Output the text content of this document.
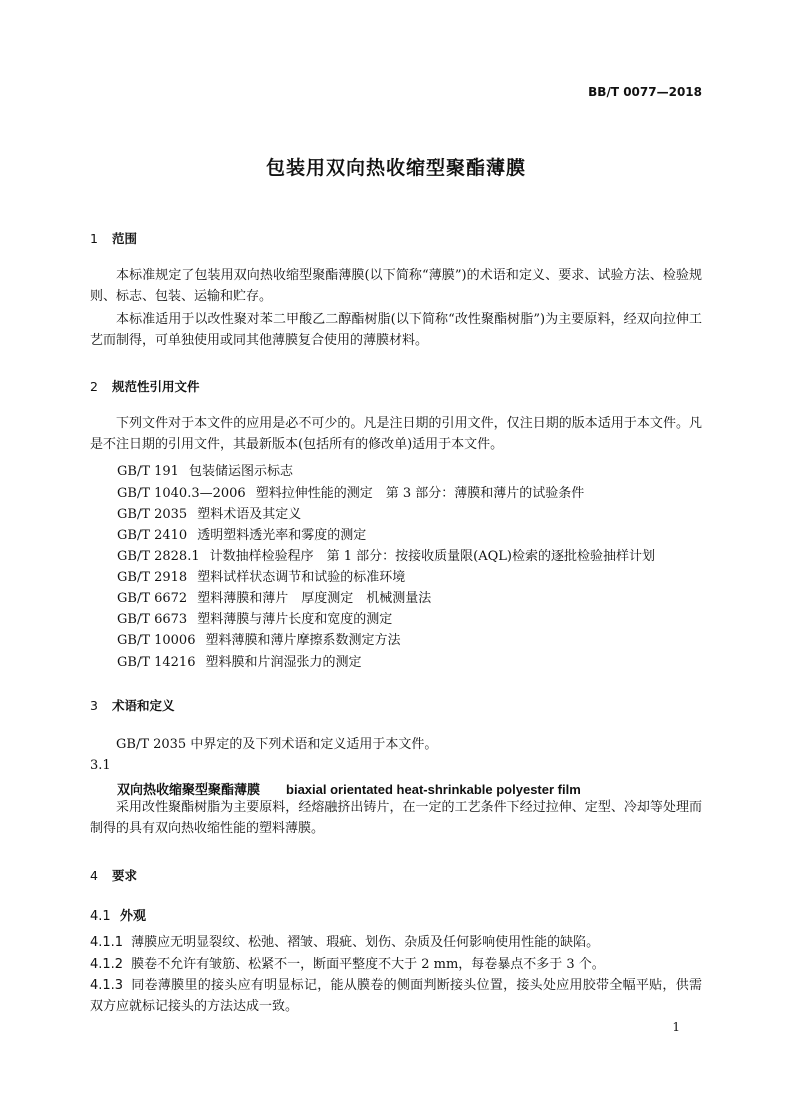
BB/T 0077—2018
包装用双向热收缩型聚酯薄膜
1 范围
本标准规定了包装用双向热收缩型聚酯薄膜(以下简称“薄膜”)的术语和定义、要求、试验方法、检验规则、标志、包装、运输和贮存。
本标准适用于以改性聚对苯二甲酸乙二醇酯树脂(以下简称“改性聚酯树脂”)为主要原料，经双向拉伸工艺而制得，可单独使用或同其他薄膜复合使用的薄膜材料。
2 规范性引用文件
下列文件对于本文件的应用是必不可少的。凡是注日期的引用文件，仅注日期的版本适用于本文件。凡是不注日期的引用文件，其最新版本(包括所有的修改单)适用于本文件。
GB/T 191 包装储运图示标志
GB/T 1040.3—2006 塑料拉伸性能的测定　第 3 部分：薄膜和薄片的试验条件
GB/T 2035 塑料术语及其定义
GB/T 2410 透明塑料透光率和雾度的测定
GB/T 2828.1 计数抽样检验程序　第 1 部分：按接收质量限(AQL)检索的逐批检验抽样计划
GB/T 2918 塑料试样状态调节和试验的标准环境
GB/T 6672 塑料薄膜和薄片　厚度测定　机械测量法
GB/T 6673 塑料薄膜与薄片长度和宽度的测定
GB/T 10006 塑料薄膜和薄片摩擦系数测定方法
GB/T 14216 塑料膜和片润湿张力的测定
3 术语和定义
GB/T 2035 中界定的及下列术语和定义适用于本文件。
3.1
双向热收缩聚型聚酯薄膜 biaxial orientated heat-shrinkable polyester film
采用改性聚酯树脂为主要原料，经熔融挤出铸片，在一定的工艺条件下经过拉伸、定型、冷却等处理而制得的具有双向热收缩性能的塑料薄膜。
4 要求
4.1 外观
4.1.1 薄膜应无明显裂纹、松弛、褶皱、瑕疵、划伤、杂质及任何影响使用性能的缺陷。
4.1.2 膜卷不允许有皱筋、松紧不一，断面平整度不大于 2 mm，每卷暴点不多于 3 个。
4.1.3 同卷薄膜里的接头应有明显标记，能从膜卷的侧面判断接头位置，接头处应用胶带全幅平贴，供需双方应就标记接头的方法达成一致。
1
